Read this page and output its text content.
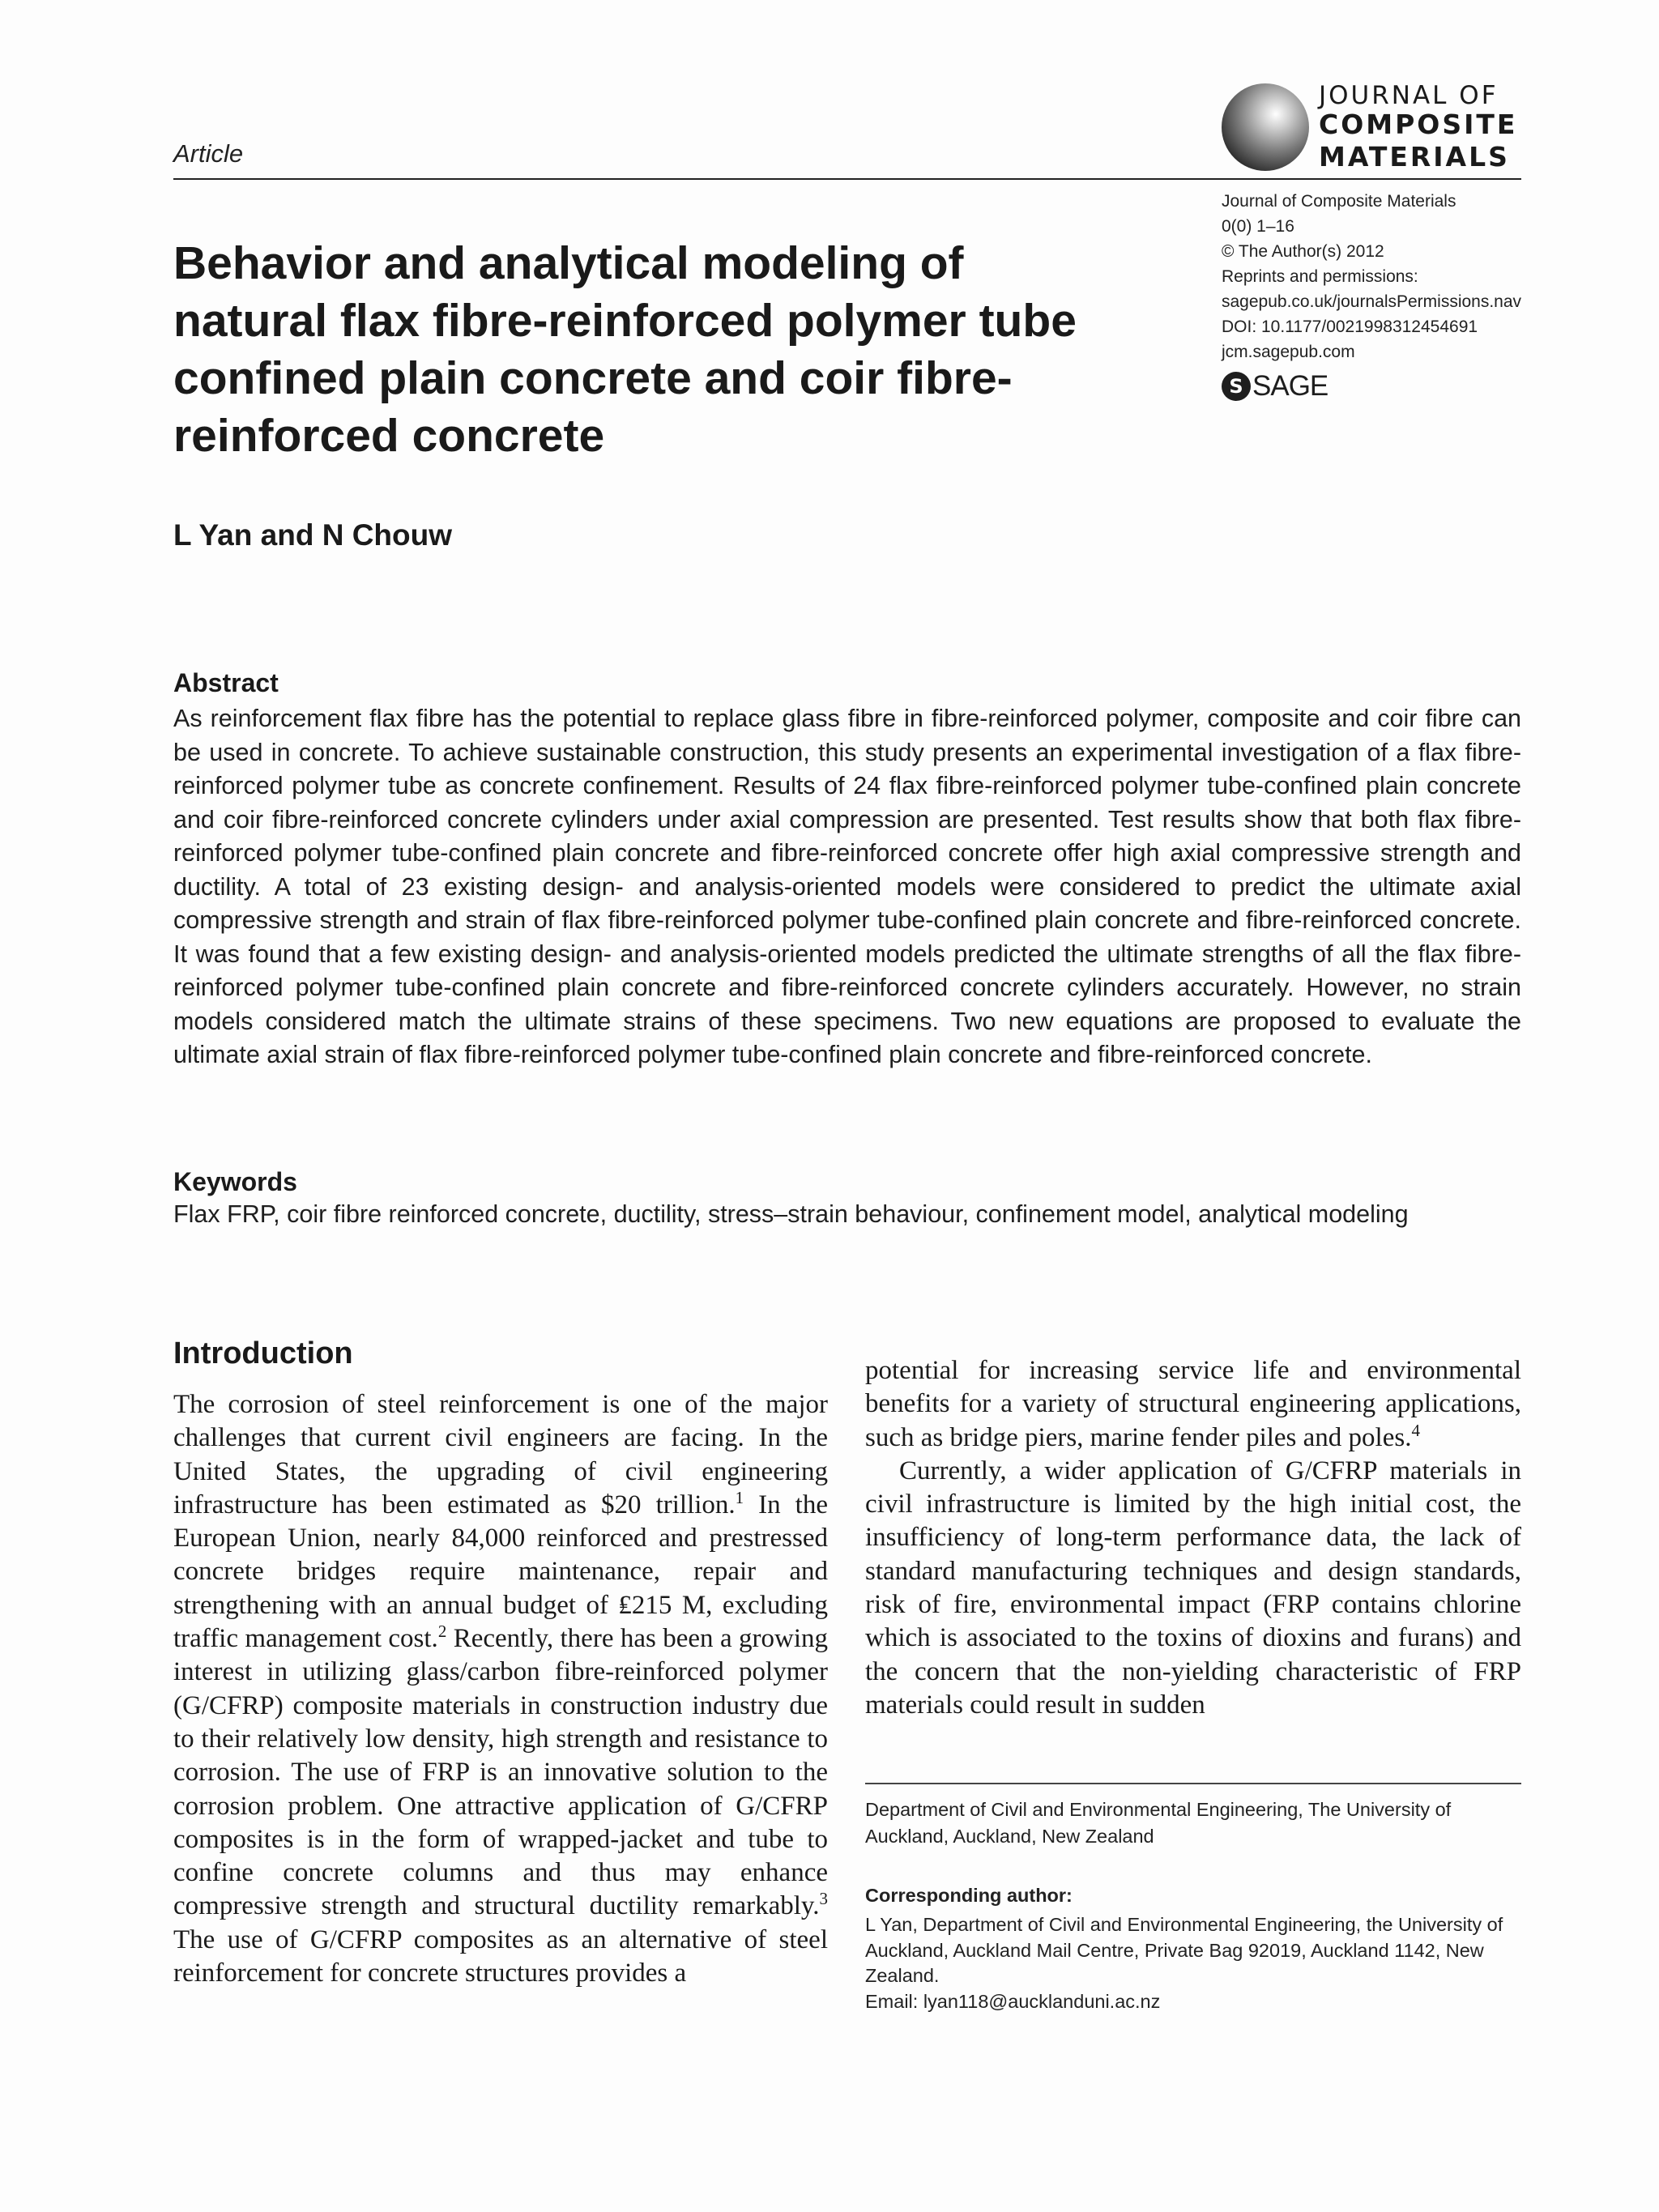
Article
JOURNAL OF
COMPOSITE
MATERIALS
Journal of Composite Materials
0(0) 1–16
© The Author(s) 2012
Reprints and permissions:
sagepub.co.uk/journalsPermissions.nav
DOI: 10.1177/0021998312454691
jcm.sagepub.com
S SAGE
Behavior and analytical modeling of natural flax fibre-reinforced polymer tube confined plain concrete and coir fibre-reinforced concrete
L Yan and N Chouw
Abstract
As reinforcement flax fibre has the potential to replace glass fibre in fibre-reinforced polymer, composite and coir fibre can be used in concrete. To achieve sustainable construction, this study presents an experimental investigation of a flax fibre-reinforced polymer tube as concrete confinement. Results of 24 flax fibre-reinforced polymer tube-confined plain concrete and coir fibre-reinforced concrete cylinders under axial compression are presented. Test results show that both flax fibre-reinforced polymer tube-confined plain concrete and fibre-reinforced concrete offer high axial compressive strength and ductility. A total of 23 existing design- and analysis-oriented models were considered to predict the ultimate axial compressive strength and strain of flax fibre-reinforced polymer tube-confined plain concrete and fibre-reinforced concrete. It was found that a few existing design- and analysis-oriented models predicted the ultimate strengths of all the flax fibre-reinforced polymer tube-confined plain concrete and fibre-reinforced concrete cylinders accurately. However, no strain models considered match the ultimate strains of these specimens. Two new equations are proposed to evaluate the ultimate axial strain of flax fibre-reinforced polymer tube-confined plain concrete and fibre-reinforced concrete.
Keywords
Flax FRP, coir fibre reinforced concrete, ductility, stress–strain behaviour, confinement model, analytical modeling
Introduction
The corrosion of steel reinforcement is one of the major challenges that current civil engineers are facing. In the United States, the upgrading of civil engineering infrastructure has been estimated as $20 trillion.$^1$ In the European Union, nearly 84,000 reinforced and prestressed concrete bridges require maintenance, repair and strengthening with an annual budget of ₤215 M, excluding traffic management cost.$^2$ Recently, there has been a growing interest in utilizing glass/carbon fibre-reinforced polymer (G/CFRP) composite materials in construction industry due to their relatively low density, high strength and resistance to corrosion. The use of FRP is an innovative solution to the corrosion problem. One attractive application of G/CFRP composites is in the form of wrapped-jacket and tube to confine concrete columns and thus may enhance compressive strength and structural ductility remarkably.$^3$ The use of G/CFRP composites as an alternative of steel reinforcement for concrete structures provides a

potential for increasing service life and environmental benefits for a variety of structural engineering applications, such as bridge piers, marine fender piles and poles.$^4$

Currently, a wider application of G/CFRP materials in civil infrastructure is limited by the high initial cost, the insufficiency of long-term performance data, the lack of standard manufacturing techniques and design standards, risk of fire, environmental impact (FRP contains chlorine which is associated to the toxins of dioxins and furans) and the concern that the non-yielding characteristic of FRP materials could result in sudden

Department of Civil and Environmental Engineering, The University of Auckland, Auckland, New Zealand
Corresponding author:
L Yan, Department of Civil and Environmental Engineering, the University of Auckland, Auckland Mail Centre, Private Bag 92019, Auckland 1142, New Zealand.
Email: lyan118@aucklanduni.ac.nz
